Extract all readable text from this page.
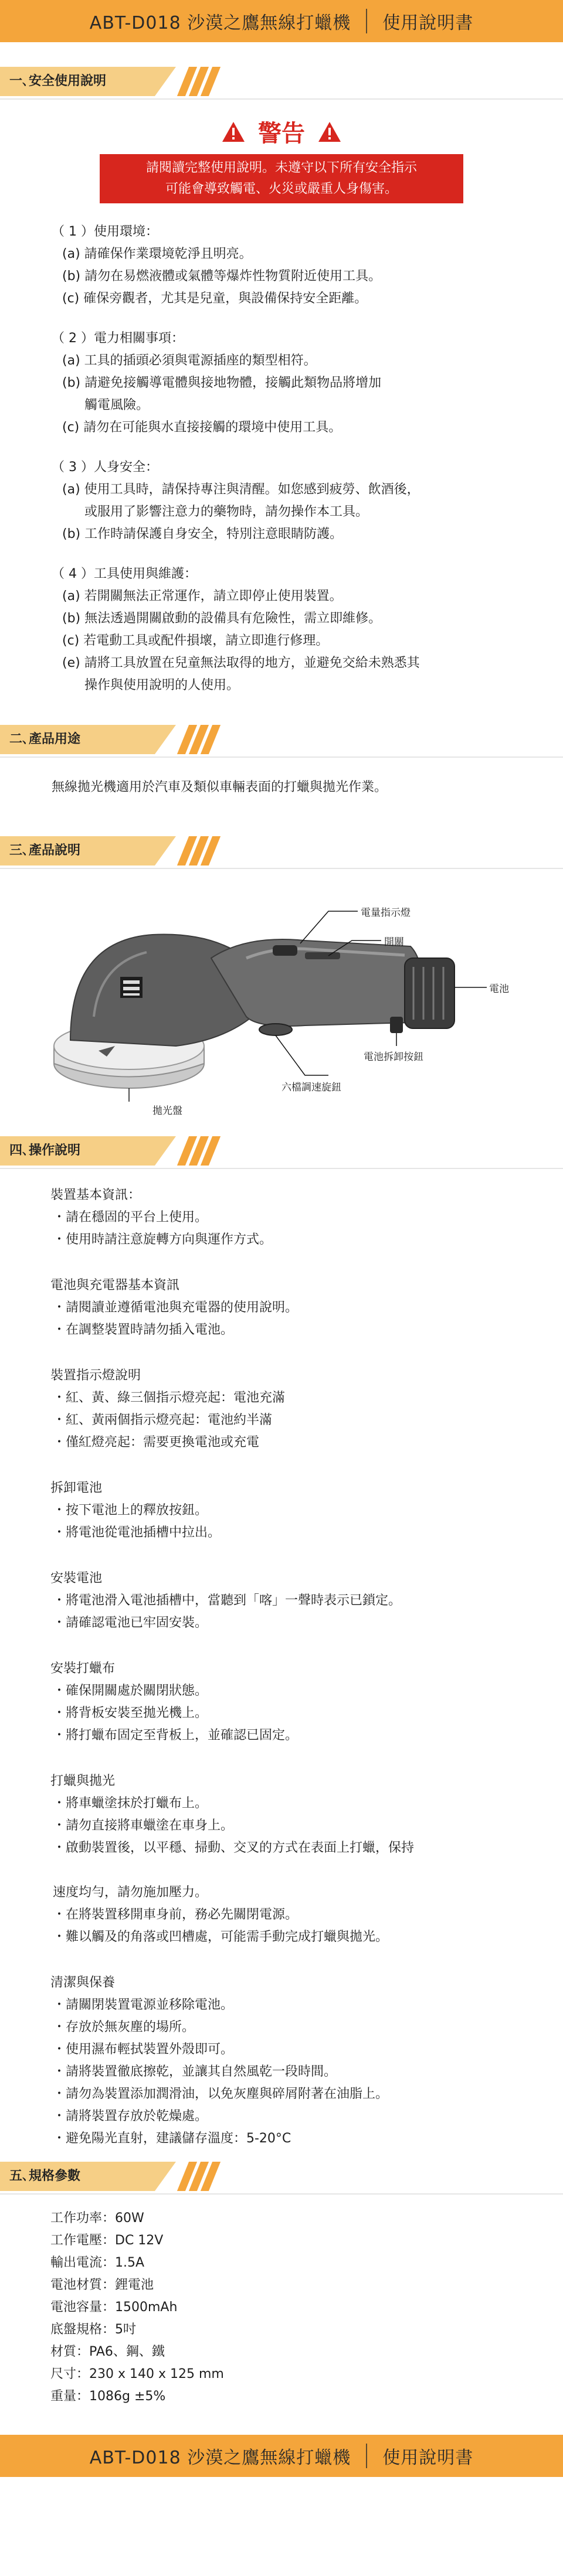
ABT-D018 沙漠之鷹無線打蠟機 使用說明書
一､安全使用說明
警告
請閱讀完整使用說明。未遵守以下所有安全指示
可能會導致觸電、火災或嚴重人身傷害。
（ 1 ）使用環境：
(a) 請確保作業環境乾淨且明亮。
(b) 請勿在易燃液體或氣體等爆炸性物質附近使用工具。
(c) 確保旁觀者，尤其是兒童，與設備保持安全距離。
（ 2 ）電力相關事項：
(a) 工具的插頭必須與電源插座的類型相符。
(b) 請避免接觸導電體與接地物體，接觸此類物品將增加
觸電風險。
(c) 請勿在可能與水直接接觸的環境中使用工具。
（ 3 ）人身安全：
(a) 使用工具時，請保持專注與清醒。如您感到疲勞、飲酒後，
或服用了影響注意力的藥物時，請勿操作本工具。
(b) 工作時請保護自身安全，特別注意眼睛防護。
（ 4 ）工具使用與維護：
(a) 若開關無法正常運作，請立即停止使用裝置。
(b) 無法透過開關啟動的設備具有危險性，需立即維修。
(c) 若電動工具或配件損壞，請立即進行修理。
(e) 請將工具放置在兒童無法取得的地方，並避免交給未熟悉其
操作與使用說明的人使用。
二､產品用途
無線拋光機適用於汽車及類似車輛表面的打蠟與拋光作業。
三､產品說明
電量指示燈
開關
電池
電池拆卸按鈕
六檔調速旋鈕
拋光盤
四､操作說明
裝置基本資訊：
・請在穩固的平台上使用。
・使用時請注意旋轉方向與運作方式。
電池與充電器基本資訊
・請閱讀並遵循電池與充電器的使用說明。
・在調整裝置時請勿插入電池。
裝置指示燈說明
・紅、黃、綠三個指示燈亮起：電池充滿
・紅、黃兩個指示燈亮起：電池約半滿
・僅紅燈亮起：需要更換電池或充電
拆卸電池
・按下電池上的釋放按鈕。
・將電池從電池插槽中拉出。
安裝電池
・將電池滑入電池插槽中，當聽到「喀」一聲時表示已鎖定。
・請確認電池已牢固安裝。
安裝打蠟布
・確保開關處於關閉狀態。
・將背板安裝至拋光機上。
・將打蠟布固定至背板上，並確認已固定。
打蠟與拋光
・將車蠟塗抹於打蠟布上。
・請勿直接將車蠟塗在車身上。
・啟動裝置後，以平穩、掃動、交叉的方式在表面上打蠟，保持
速度均勻，請勿施加壓力。
・在將裝置移開車身前，務必先關閉電源。
・難以觸及的角落或凹槽處，可能需手動完成打蠟與拋光。
清潔與保養
・請關閉裝置電源並移除電池。
・存放於無灰塵的場所。
・使用濕布輕拭裝置外殼即可。
・請將裝置徹底擦乾，並讓其自然風乾一段時間。
・請勿為裝置添加潤滑油，以免灰塵與碎屑附著在油脂上。
・請將裝置存放於乾燥處。
・避免陽光直射，建議儲存溫度：5-20°C
五､規格參數
工作功率：60W
工作電壓：DC 12V
輸出電流：1.5A
電池材質：鋰電池
電池容量：1500mAh
底盤規格：5吋
材質：PA6、鋼、鐵
尺寸：230 x 140 x 125 mm
重量：1086g ±5%
ABT-D018 沙漠之鷹無線打蠟機 使用說明書
